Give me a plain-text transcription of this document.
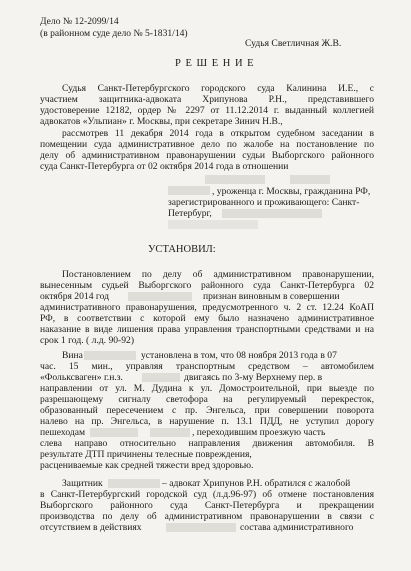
Дело № 12-2099/14

(в районном суде дело № 5-1831/14)

Судья Светличная Ж.В.

Р Е Ш Е Н И Е

Судья Санкт-Петербургского городского суда Калинина И.Е., с

участием защитника-адвоката Хрипунова Р.Н., представившего

удостоверение 12182, ордер № 2297 от 11.12.2014 г. выданный коллегией

адвокатов «Ульпиан» г. Москвы, при секретаре Зинич Н.В.,

рассмотрев 11 декабря 2014 года в открытом судебном заседании в

помещении суда административное дело по жалобе на постановление по

делу об административном правонарушении судьи Выборгского районного

суда Санкт-Петербурга от 02 октября 2014 года в отношении

, уроженца г. Москвы, гражданина РФ,

зарегистрированного и проживающего: Санкт-

Петербург,

УСТАНОВИЛ:

Постановлением по делу об административном правонарушении,

вынесенным судьей Выборгского районного суда Санкт-Петербурга 02

октября 2014 год	признан виновным в совершении

административного правонарушения, предусмотренного ч. 2 ст. 12.24 КоАП

РФ, в соответствии с которой ему было назначено административное

наказание в виде лишения права управления транспортными средствами и на

срок 1 год. ( л.д. 90-92)

Вина	установлена в том, что 08 ноября 2013 года в 07

час. 15 мин., управляя транспортным средством – автомобилем

«Фольксваген» г.н.з.	двигаясь по 3-му Верхнему пер. в

направлении от ул. М. Дудина к ул. Домостроительной, при выезде по

разрешающему сигналу светофора на регулируемый перекресток,

образованный пересечением с пр. Энгельса, при совершении поворота

налево на пр. Энгельса, в нарушение п. 13.1 ПДД, не уступил дорогу

пешеходам	, переходившим проезжую часть

слева направо относительно направления движения автомобиля. В

результате ДТП причинены телесные повреждения,

расцениваемые как средней тяжести вред здоровью.

Защитник	– адвокат Хрипунов Р.Н. обратился с жалобой

в Санкт-Петербургский городской суд (л.д.96-97) об отмене постановления

Выборгского районного суда Санкт-Петербурга и прекращении

производства по делу об административном правонарушении в связи с

отсутствием в действиях	состава административного
